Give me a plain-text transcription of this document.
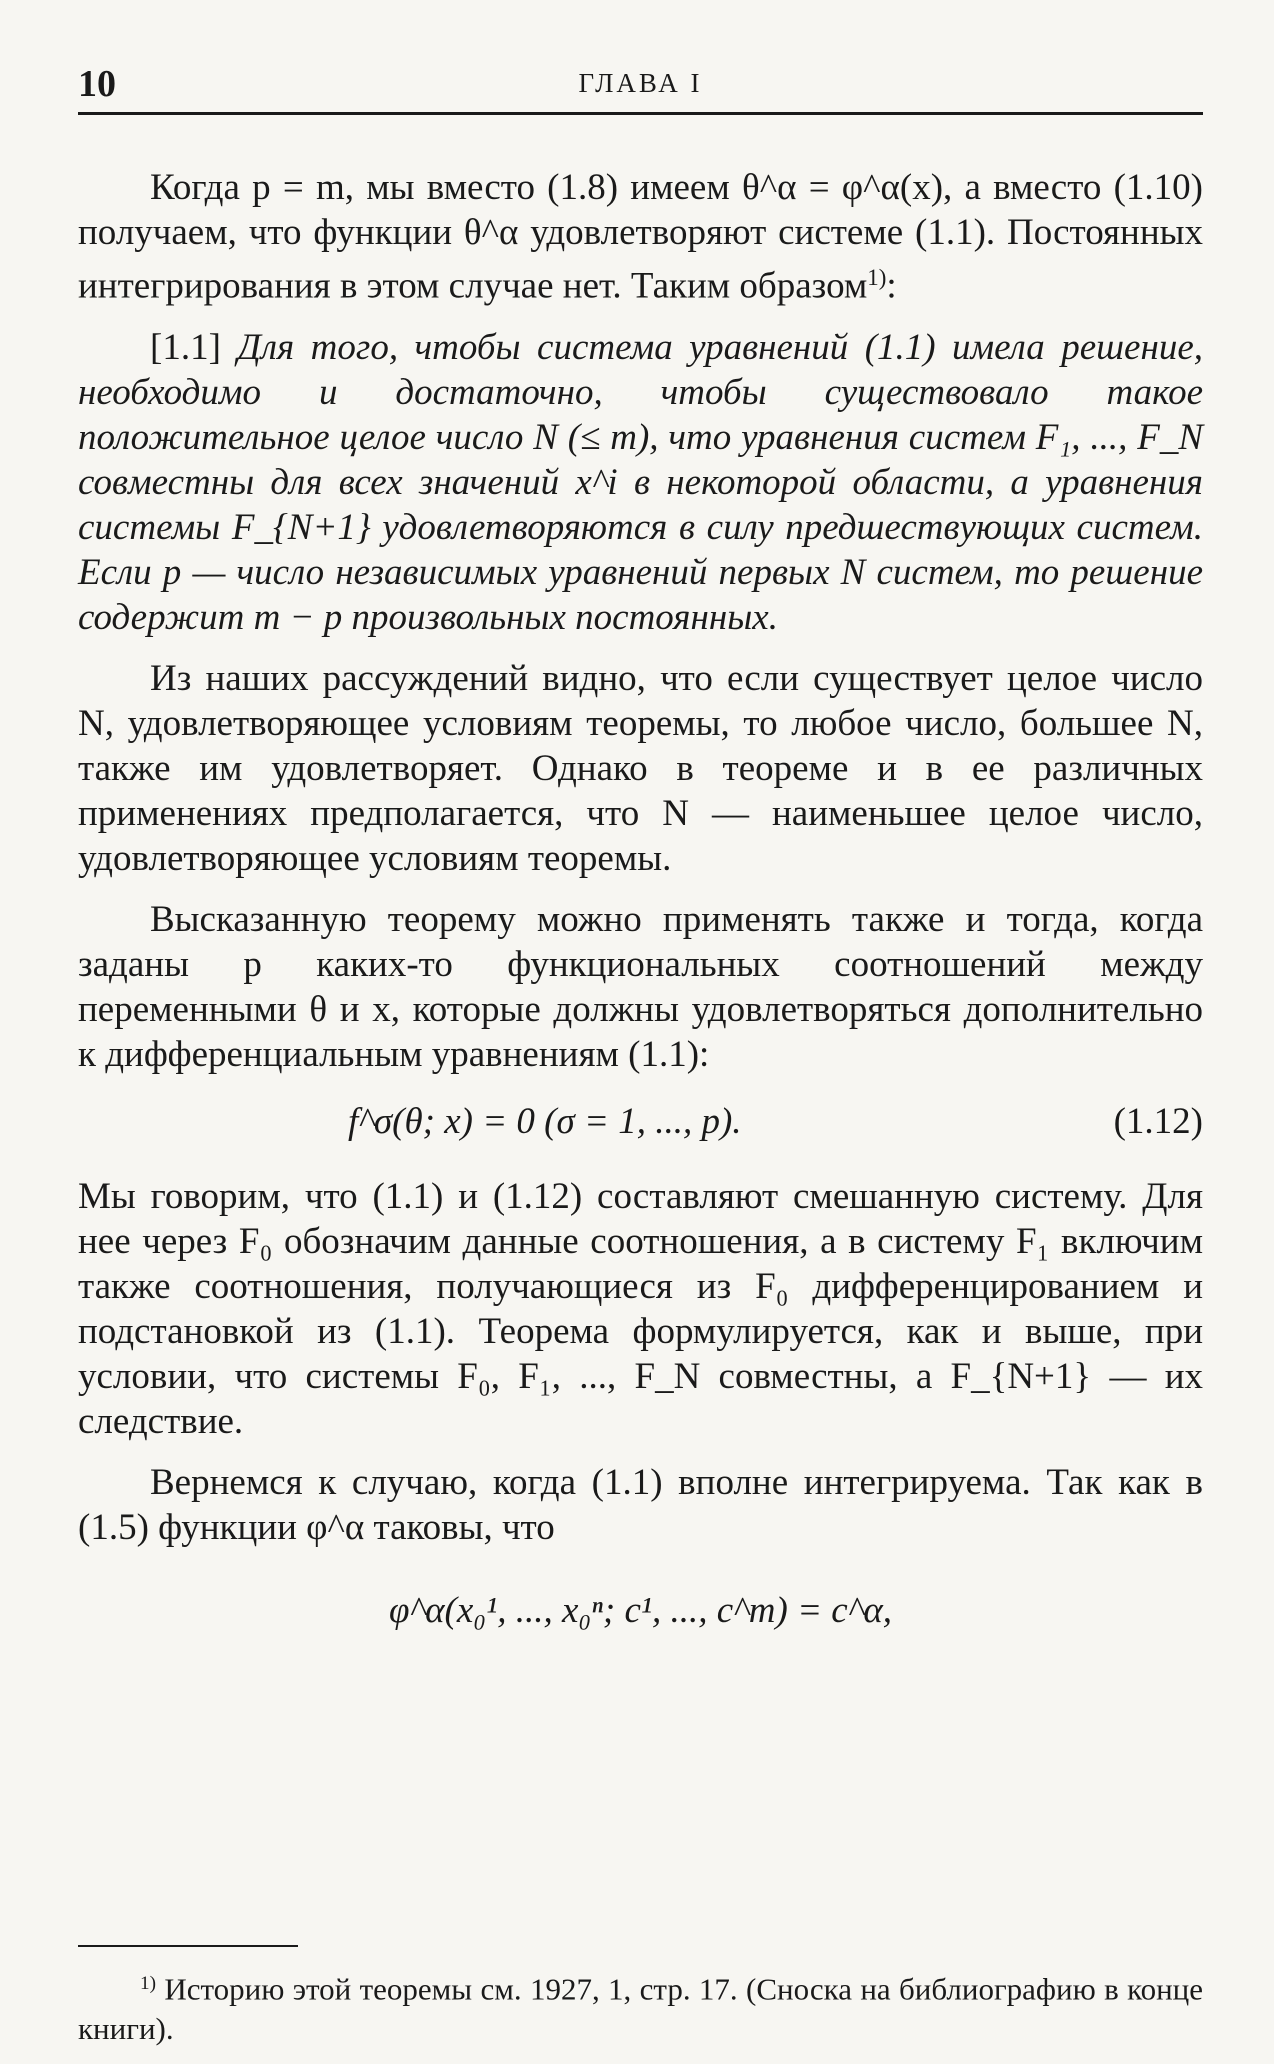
10	ГЛАВА I

Когда p = m, мы вместо (1.8) имеем θ^α = φ^α(x), а вместо (1.10) получаем, что функции θ^α удовлетворяют системе (1.1). Постоянных интегрирования в этом случае нет. Таким образом$^{1)}$:

[1.1] Для того, чтобы система уравнений (1.1) имела решение, необходимо и достаточно, чтобы существовало такое положительное целое число N (≤ m), что уравнения систем F₁, ..., F_N совместны для всех значений x^i в некоторой области, а уравнения системы F_{N+1} удовлетворяются в силу предшествующих систем. Если p — число независимых уравнений первых N систем, то решение содержит m − p произвольных постоянных.

Из наших рассуждений видно, что если существует целое число N, удовлетворяющее условиям теоремы, то любое число, большее N, также им удовлетворяет. Однако в теореме и в ее различных применениях предполагается, что N — наименьшее целое число, удовлетворяющее условиям теоремы.

Высказанную теорему можно применять также и тогда, когда заданы p каких-то функциональных соотношений между переменными θ и x, которые должны удовлетворяться дополнительно к дифференциальным уравнениям (1.1):

f^σ(θ; x) = 0 (σ = 1, ..., p).	(1.12)

Мы говорим, что (1.1) и (1.12) составляют смешанную систему. Для нее через F₀ обозначим данные соотношения, а в систему F₁ включим также соотношения, получающиеся из F₀ дифференцированием и подстановкой из (1.1). Теорема формулируется, как и выше, при условии, что системы F₀, F₁, ..., F_N совместны, а F_{N+1} — их следствие.

Вернемся к случаю, когда (1.1) вполне интегрируема. Так как в (1.5) функции φ^α таковы, что

φ^α(x₀¹, ..., x₀ⁿ; c¹, ..., c^m) = c^α,

$^{1)}$ Историю этой теоремы см. 1927, 1, стр. 17. (Сноска на библиографию в конце книги).
